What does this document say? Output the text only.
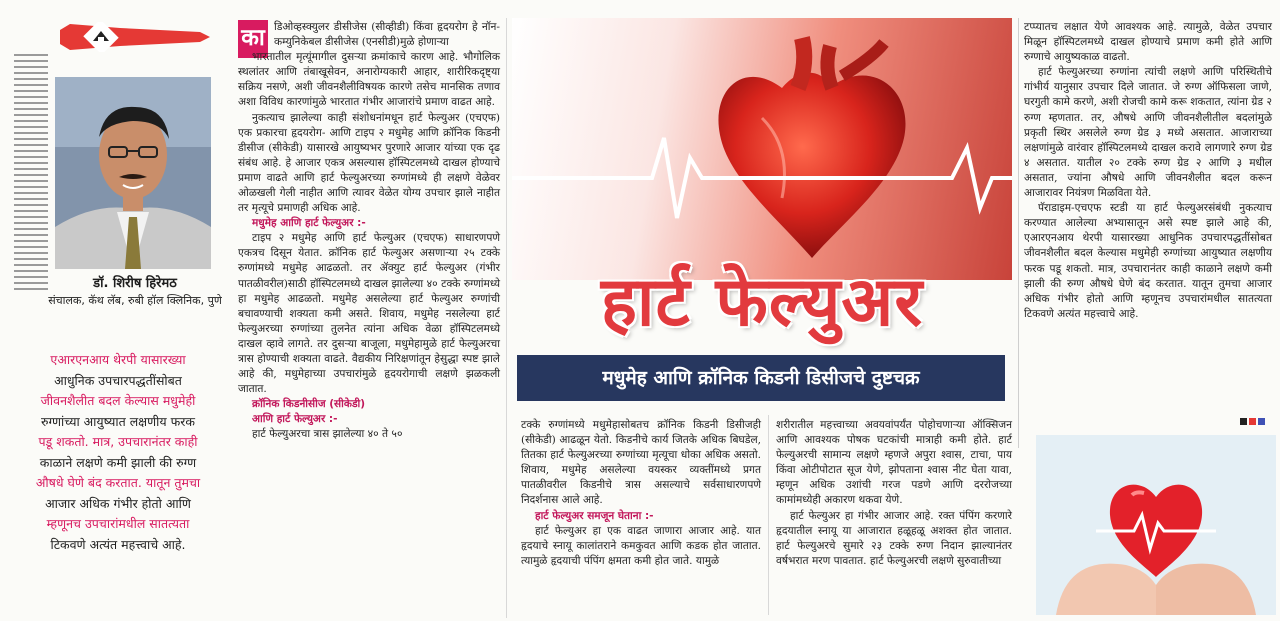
डॉ. शिरीष हिरेमठ
संचालक, कॅथ लॅब, रुबी हॉल क्लिनिक, पुणे
एआरएनआय थेरपी यासारख्या
आधुनिक उपचारपद्धतींसोबत
जीवनशैलीत बदल केल्यास मधुमेही
रुग्णांच्या आयुष्यात लक्षणीय फरक
पडू शकतो. मात्र, उपचारानंतर काही
काळाने लक्षणे कमी झाली की रुग्ण
औषधे घेणे बंद करतात. यातून तुमचा
आजार अधिक गंभीर होतो आणि
म्हणूनच उपचारांमधील सातत्यता
टिकवणे अत्यंत महत्त्वाचे आहे.
का डिओव्हस्क्युलर डीसीजेस (सीव्हीडी) किंवा हृदयरोग हे नॉन-कम्युनिकेबल डीसीजेस (एनसीडी)मुळे होणाऱ्या

भारतातील मृत्यूंमागील दुसऱ्या क्रमांकाचे कारण आहे. भौगोलिक स्थलांतर आणि तंबाखूसेवन, अनारोग्यकारी आहार, शारीरिकदृष्ट्या सक्रिय नसणे, अशी जीवनशैलीविषयक कारणे तसेच मानसिक तणाव अशा विविध कारणांमुळे भारतात गंभीर आजारांचे प्रमाण वाढत आहे.

नुकत्याच झालेल्या काही संशोधनांमधून हार्ट फेल्युअर (एचएफ) एक प्रकारचा हृदयरोग- आणि टाइप २ मधुमेह आणि क्रॉनिक किडनी डीसीज (सीकेडी) यासारखे आयुष्यभर पुरणारे आजार यांच्या एक दृढ संबंध आहे. हे आजार एकत्र असल्यास हॉस्पिटलमध्ये दाखल होण्याचे प्रमाण वाढते आणि हार्ट फेल्युअरच्या रुग्णांमध्ये ही लक्षणे वेळेवर ओळखली गेली नाहीत आणि त्यावर वेळेत योग्य उपचार झाले नाहीत तर मृत्यूचे प्रमाणही अधिक आहे.

मधुमेह आणि हार्ट फेल्युअर :-

टाइप २ मधुमेह आणि हार्ट फेल्युअर (एचएफ) साधारणपणे एकत्रच दिसून येतात. क्रॉनिक हार्ट फेल्युअर असणाऱ्या २५ टक्के रुग्णांमध्ये मधुमेह आढळतो. तर ॲक्युट हार्ट फेल्युअर (गंभीर पातळीवरील)साठी हॉस्पिटलमध्ये दाखल झालेल्या ४० टक्के रुग्णांमध्ये हा मधुमेह आढळतो. मधुमेह असलेल्या हार्ट फेल्युअर रुग्णांची बचावण्याची शक्यता कमी असते. शिवाय, मधुमेह नसलेल्या हार्ट फेल्युअरच्या रुग्णांच्या तुलनेत त्यांना अधिक वेळा हॉस्पिटलमध्ये दाखल व्हावे लागते. तर दुसऱ्या बाजूला, मधुमेहामुळे हार्ट फेल्युअरचा त्रास होण्याची शक्यता वाढते. वैद्यकीय निरिक्षणांतून हेसुद्धा स्पष्ट झाले आहे की, मधुमेहाच्या उपचारांमुळे हृदयरोगाची लक्षणे झळकली जातात.

क्रॉनिक किडनीसीज (सीकेडी)

आणि हार्ट फेल्युअर :-

हार्ट फेल्युअरचा त्रास झालेल्या ४० ते ५०

हार्ट फेल्युअर
मधुमेह आणि क्रॉनिक किडनी डिसीजचे दुष्टचक्र

टक्के रुग्णांमध्ये मधुमेहासोबतच क्रॉनिक किडनी डिसीजही (सीकेडी) आढळून येतो. किडनीचे कार्य जितके अधिक बिघडेल, तितका हार्ट फेल्युअरच्या रुग्णांच्या मृत्यूचा धोका अधिक असतो. शिवाय, मधुमेह असलेल्या वयस्कर व्यक्तींमध्ये प्रगत पातळीवरील किडनीचे त्रास असल्याचे सर्वसाधारणपणे निदर्शनास आले आहे.

हार्ट फेल्युअर समजून घेताना :-

हार्ट फेल्युअर हा एक वाढत जाणारा आजार आहे. यात हृदयाचे स्नायू कालांतराने कमकुवत आणि कडक होत जातात. त्यामुळे हृदयाची पंपिंग क्षमता कमी होत जाते. यामुळे

शरीरातील महत्त्वाच्या अवयवांपर्यंत पोहोचणाऱ्या ऑक्सिजन आणि आवश्यक पोषक घटकांची मात्राही कमी होते. हार्ट फेल्युअरची सामान्य लक्षणे म्हणजे अपुरा श्वास, टाचा, पाय किंवा ओटीपोटात सूज येणे, झोपताना श्वास नीट घेता यावा, म्हणून अधिक उशांची गरज पडणे आणि दररोजच्या कामांमध्येही अकारण थकवा येणे.

हार्ट फेल्युअर हा गंभीर आजार आहे. रक्त पंपिंग करणारे हृदयातील स्नायू या आजारात हळूहळू अशक्त होत जातात. हार्ट फेल्युअरचे सुमारे २३ टक्के रुग्ण निदान झाल्यानंतर वर्षभरात मरण पावतात. हार्ट फेल्युअरची लक्षणे सुरुवातीच्या

टप्प्यातच लक्षात येणे आवश्यक आहे. त्यामुळे, वेळेत उपचार मिळून हॉस्पिटलमध्ये दाखल होण्याचे प्रमाण कमी होते आणि रुग्णाचे आयुष्यकाळ वाढतो.

हार्ट फेल्युअरच्या रुग्णांना त्यांची लक्षणे आणि परिस्थितीचे गांभीर्य यानुसार उपचार दिले जातात. जे रुग्ण ऑफिसला जाणे, घरगुती कामे करणे, अशी रोजची कामे करू शकतात, त्यांना ग्रेड २ रुग्ण म्हणतात. तर, औषधे आणि जीवनशैलीतील बदलांमुळे प्रकृती स्थिर असलेले रुग्ण ग्रेड ३ मध्ये असतात. आजाराच्या लक्षणांमुळे वारंवार हॉस्पिटलमध्ये दाखल करावे लागणारे रुग्ण ग्रेड ४ असतात. यातील २० टक्के रुग्ण ग्रेड २ आणि ३ मधील असतात, ज्यांना औषधे आणि जीवनशैलीत बदल करून आजारावर नियंत्रण मिळविता येते.

पॅराडाइम-एचएफ स्टडी या हार्ट फेल्युअरसंबंधी नुकत्याच करण्यात आलेल्या अभ्यासातून असे स्पष्ट झाले आहे की, एआरएनआय थेरपी यासारख्या आधुनिक उपचारपद्धतींसोबत जीवनशैलीत बदल केल्यास मधुमेही रुग्णांच्या आयुष्यात लक्षणीय फरक पडू शकतो. मात्र, उपचारानंतर काही काळाने लक्षणे कमी झाली की रुग्ण औषधे घेणे बंद करतात. यातून तुमचा आजार अधिक गंभीर होतो आणि म्हणूनच उपचारांमधील सातत्यता टिकवणे अत्यंत महत्त्वाचे आहे.
